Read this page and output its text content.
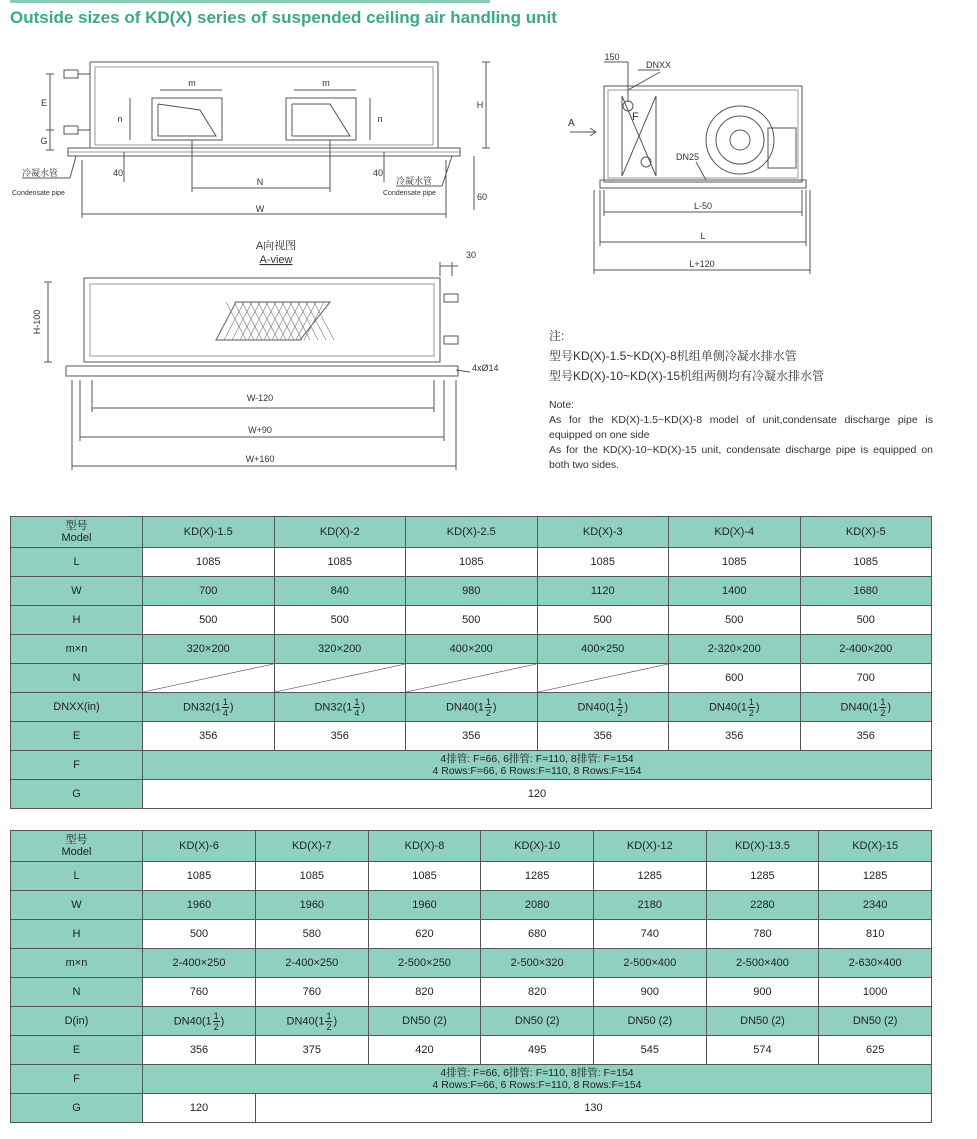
Outside sizes of KD(X) series of suspended ceiling air handling unit
E
G
H
m	m
n	n
40	40
N
W
60
冷凝水管
Condensate pipe
冷凝水管
Condensate pipe
150
DNXX
A
F
DN25
L-50
L
L+120
A向视图
A-view	30
H-100
4xØ14
W-120
W+90
W+160
注:
型号KD(X)-1.5~KD(X)-8机组单侧冷凝水排水管
型号KD(X)-10~KD(X)-15机组两侧均有冷凝水排水管
Note:
As for the KD(X)-1.5~KD(X)-8 model of unit,condensate discharge pipe is equipped on one side
As for the KD(X)-10~KD(X)-15 unit, condensate discharge pipe is equipped on both two sides.
型号
Model	KD(X)-1.5	KD(X)-2	KD(X)-2.5	KD(X)-3	KD(X)-4	KD(X)-5
L	1085	1085	1085	1085	1085	1085
W	700	840	980	1120	1400	1680
H	500	500	500	500	500	500
m×n	320×200	320×200	400×200	400×250	2-320×200	2-400×200
N					600	700
DNXX(in)	$DN32(1 \frac{1}{4}$ )	$DN32(1 \frac{1}{4}$ )	$DN40(1 \frac{1}{2}$ )	$DN40(1 \frac{1}{2}$ )	$DN40(1 \frac{1}{2}$ )	$DN40(1 \frac{1}{2}$ )
E	356	356	356	356	356	356
F	4排管: F=66, 6排管: F=110, 8排管: F=154
4 Rows:F=66, 6 Rows:F=110, 8 Rows:F=154					

G	120					
型号
Model	KD(X)-6	KD(X)-7	KD(X)-8	KD(X)-10	KD(X)-12	KD(X)-13.5	KD(X)-15
L	1085	1085	1085	1285	1285	1285	1285
W	1960	1960	1960	2080	2180	2280	2340
H	500	580	620	680	740	780	810
m×n	2-400×250	2-400×250	2-500×250	2-500×320	2-500×400	2-500×400	2-630×400
N	760	760	820	820	900	900	1000
D(in)	$DN40(1 \frac{1}{2}$ )	$DN40(1 \frac{1}{2}$ )	DN50 (2)	DN50 (2)	DN50 (2)	DN50 (2)	DN50 (2)
E	356	375	420	495	545	574	625
F	4排管: F=66, 6排管: F=110, 8排管: F=154
4 Rows:F=66, 6 Rows:F=110, 8 Rows:F=154						

G	120	130					
